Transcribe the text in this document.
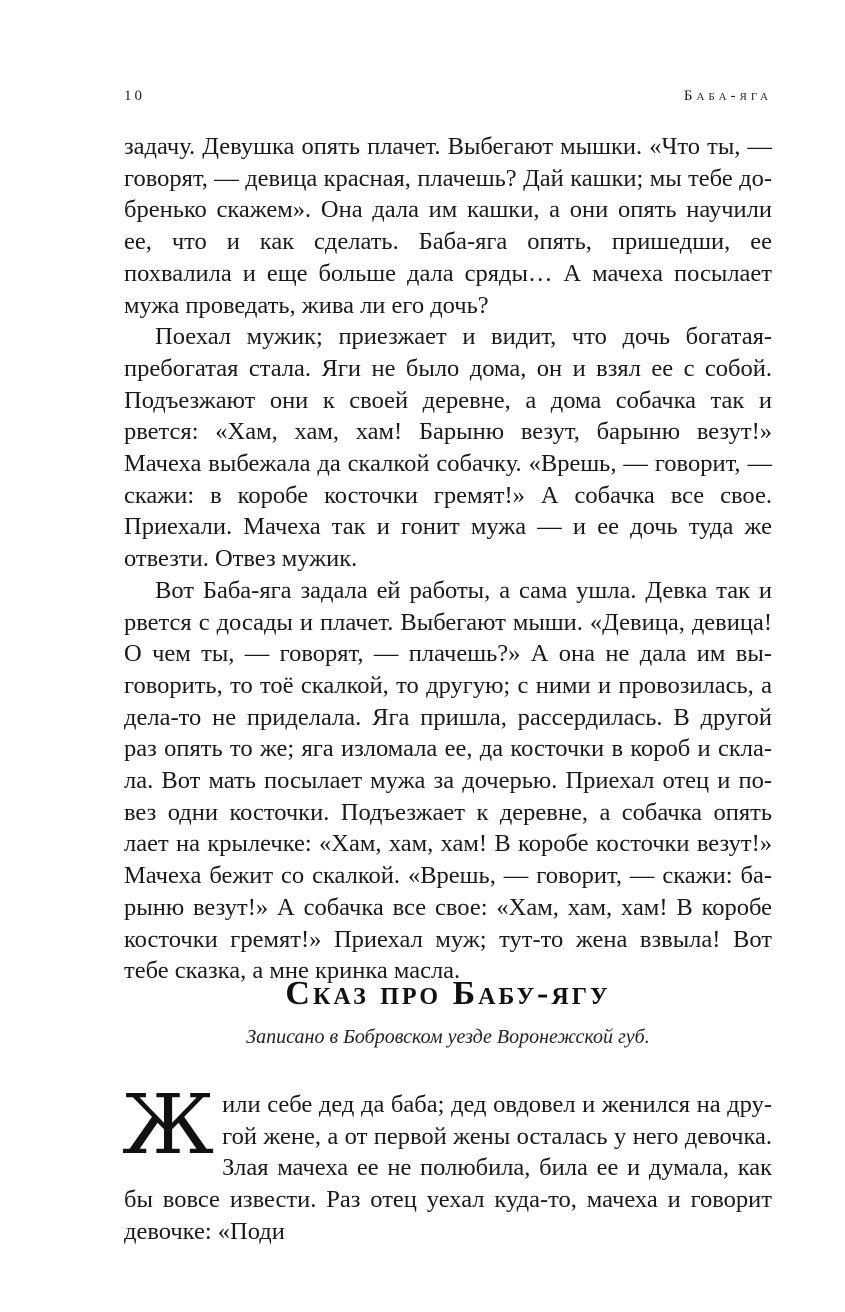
10	Баба-яга

задачу. Девушка опять плачет. Выбегают мышки. «Что ты, — говорят, — девица красная, плачешь? Дай кашки; мы тебе добренько скажем». Она дала им кашки, а они опять научили ее, что и как сделать. Баба-яга опять, пришедши, ее похвалила и еще больше дала сряды… А мачеха посылает мужа проведать, жива ли его дочь?

Поехал мужик; приезжает и видит, что дочь богатая-пребогатая стала. Яги не было дома, он и взял ее с собой. Подъезжают они к своей деревне, а дома собачка так и рвется: «Хам, хам, хам! Барыню везут, барыню везут!» Мачеха выбежала да скалкой собачку. «Врешь, — говорит, — скажи: в коробе косточки гремят!» А собачка все свое. Приехали. Мачеха так и гонит мужа — и ее дочь туда же отвезти. Отвез мужик.

Вот Баба-яга задала ей работы, а сама ушла. Девка так и рвется с досады и плачет. Выбегают мыши. «Девица, девица! О чем ты, — говорят, — плачешь?» А она не дала им выговорить, то тоё скалкой, то другую; с ними и провозилась, а дела-то не приделала. Яга пришла, рассердилась. В другой раз опять то же; яга изломала ее, да косточки в короб и склала. Вот мать посылает мужа за дочерью. Приехал отец и повез одни косточки. Подъезжает к деревне, а собачка опять лает на крылечке: «Хам, хам, хам! В коробе косточки везут!» Мачеха бежит со скалкой. «Врешь, — говорит, — скажи: барыню везут!» А собачка все свое: «Хам, хам, хам! В коробе косточки гремят!» Приехал муж; тут-то жена взвыла! Вот тебе сказка, а мне кринка масла.

Сказ про Бабу-ягу
Записано в Бобровском уезде Воронежской губ.

Жили себе дед да баба; дед овдовел и женился на другой жене, а от первой жены осталась у него девочка. Злая мачеха ее не полюбила, била ее и думала, как бы вовсе извести. Раз отец уехал куда-то, мачеха и говорит девочке: «Поди
